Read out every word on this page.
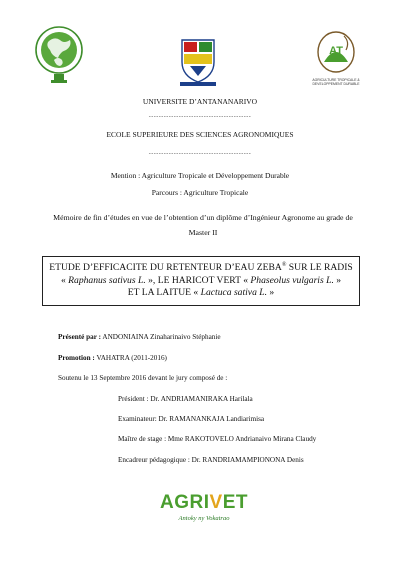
AT
AGRICULTURE TROPICALE & DEVELOPPEMENT DURABLE
UNIVERSITE D’ANTANANARIVO
-----------------------------------------
ECOLE SUPERIEURE DES SCIENCES AGRONOMIQUES
-----------------------------------------
Mention : Agriculture Tropicale et Développement Durable
Parcours : Agriculture Tropicale
Mémoire de fin d’études en vue de l’obtention d’un diplôme d’Ingénieur Agronome au grade de Master II
ETUDE D’EFFICACITE DU RETENTEUR D’EAU ZEBA® SUR LE RADIS
« Raphanus sativus L. », LE HARICOT VERT « Phaseolus vulgaris L. »
ET LA LAITUE « Lactuca sativa L. »
Présenté par : ANDONIAINA Zinaharinaivo Stéphanie
Promotion : VAHATRA (2011-2016)
Soutenu le 13 Septembre 2016 devant le jury composé de :
Président : Dr. ANDRIAMANIRAKA Harilala
Examinateur: Dr. RAMANANKAJA Landiarimisa
Maître de stage : Mme RAKOTOVELO Andrianaivo Mirana Claudy
Encadreur pédagogique : Dr. RANDRIAMAMPIONONA Denis
AGRIVET
Antoky ny Vokatrao
